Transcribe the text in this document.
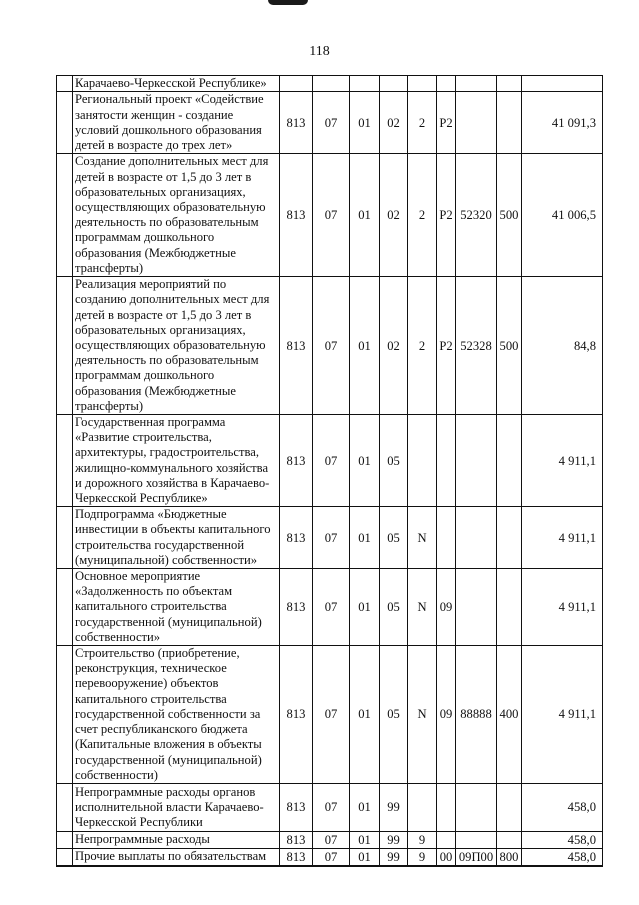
118
	Карачаево-Черкесской Республике»									
	Региональный проект «Содействие занятости женщин - создание условий дошкольного образования детей в возрасте до трех лет»	813	07	01	02	2	Р2			41 091,3
	Создание дополнительных мест для детей в возрасте от 1,5 до 3 лет в образовательных организациях, осуществляющих образовательную деятельность по образовательным программам дошкольного образования (Межбюджетные трансферты)	813	07	01	02	2	Р2	52320	500	41 006,5
	Реализация мероприятий по созданию дополнительных мест для детей в возрасте от 1,5 до 3 лет в образовательных организациях, осуществляющих образовательную деятельность по образовательным программам дошкольного образования (Межбюджетные трансферты)	813	07	01	02	2	Р2	52328	500	84,8
	Государственная программа «Развитие строительства, архитектуры, градостроительства, жилищно-коммунального хозяйства и дорожного хозяйства в Карачаево-Черкесской Республике»	813	07	01	05					4 911,1
	Подпрограмма «Бюджетные инвестиции в объекты капитального строительства государственной (муниципальной) собственности»	813	07	01	05	N				4 911,1
	Основное мероприятие «Задолженность по объектам капитального строительства государственной (муниципальной) собственности»	813	07	01	05	N	09			4 911,1
	Строительство (приобретение, реконструкция, техническое перевооружение) объектов капитального строительства государственной собственности за счет республиканского бюджета (Капитальные вложения в объекты государственной (муниципальной) собственности)	813	07	01	05	N	09	88888	400	4 911,1
	Непрограммные расходы органов исполнительной власти Карачаево-Черкесской Республики	813	07	01	99					458,0
	Непрограммные расходы	813	07	01	99	9				458,0
	Прочие выплаты по обязательствам	813	07	01	99	9	00	09П00	800	458,0
